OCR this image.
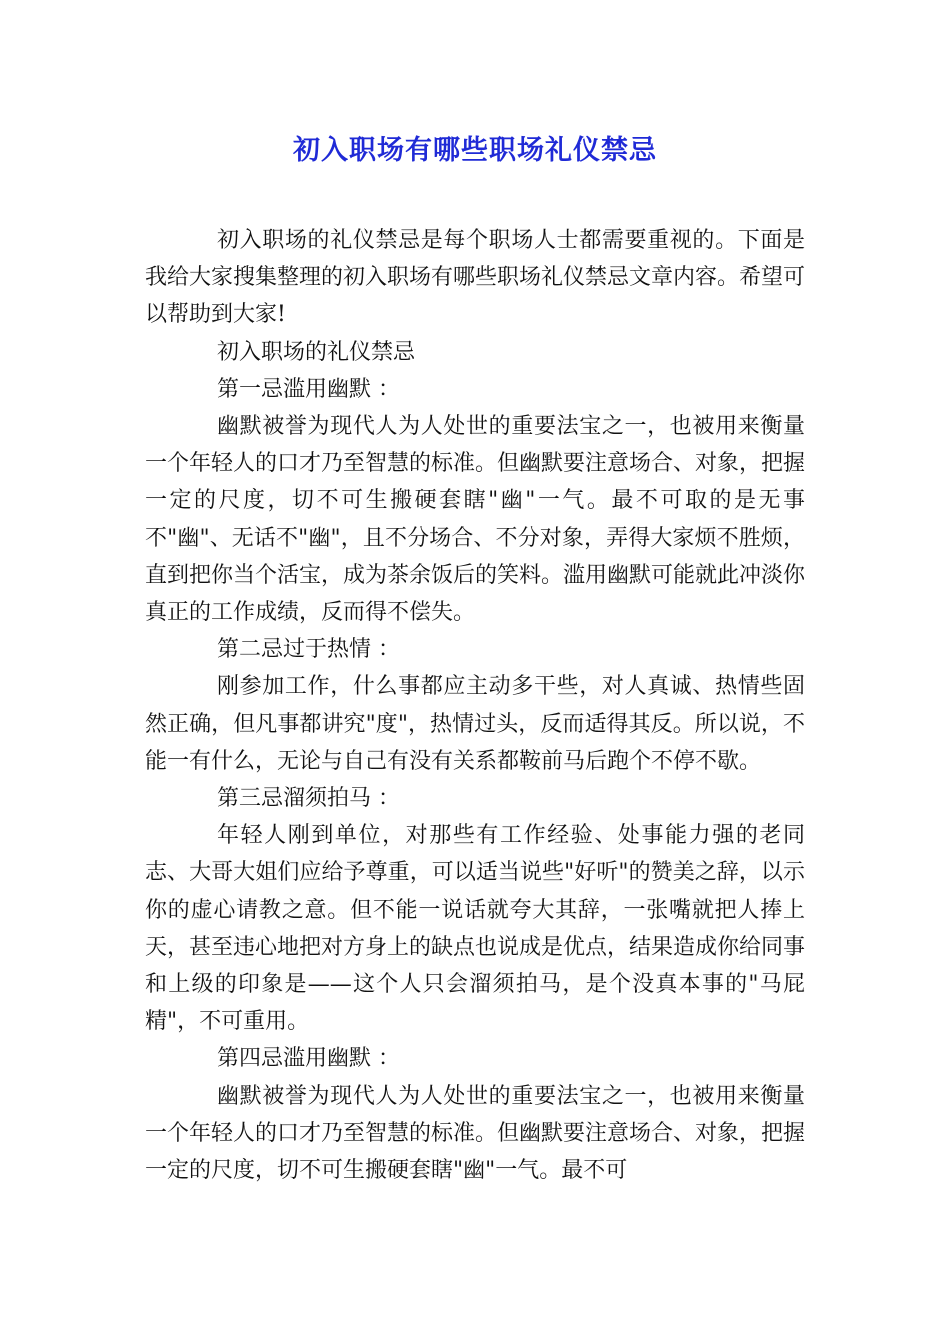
初入职场有哪些职场礼仪禁忌

初入职场的礼仪禁忌是每个职场人士都需要重视的。下面是我给大家搜集整理的初入职场有哪些职场礼仪禁忌文章内容。希望可以帮助到大家!

初入职场的礼仪禁忌

第一忌滥用幽默 ：

幽默被誉为现代人为人处世的重要法宝之一，也被用来衡量一个年轻人的口才乃至智慧的标准。但幽默要注意场合、对象，把握一定的尺度，切不可生搬硬套瞎"幽"一气。最不可取的是无事不"幽"、无话不"幽"，且不分场合、不分对象，弄得大家烦不胜烦，直到把你当个活宝，成为茶余饭后的笑料。滥用幽默可能就此冲淡你真正的工作成绩，反而得不偿失。

第二忌过于热情 ：

刚参加工作，什么事都应主动多干些，对人真诚、热情些固然正确，但凡事都讲究"度"，热情过头，反而适得其反。所以说，不能一有什么，无论与自己有没有关系都鞍前马后跑个不停不歇。

第三忌溜须拍马 ：

年轻人刚到单位，对那些有工作经验、处事能力强的老同志、大哥大姐们应给予尊重，可以适当说些"好听"的赞美之辞，以示你的虚心请教之意。但不能一说话就夸大其辞，一张嘴就把人捧上天，甚至违心地把对方身上的缺点也说成是优点，结果造成你给同事和上级的印象是——这个人只会溜须拍马，是个没真本事的"马屁精"，不可重用。

第四忌滥用幽默 ：

幽默被誉为现代人为人处世的重要法宝之一，也被用来衡量一个年轻人的口才乃至智慧的标准。但幽默要注意场合、对象，把握一定的尺度，切不可生搬硬套瞎"幽"一气。最不可
